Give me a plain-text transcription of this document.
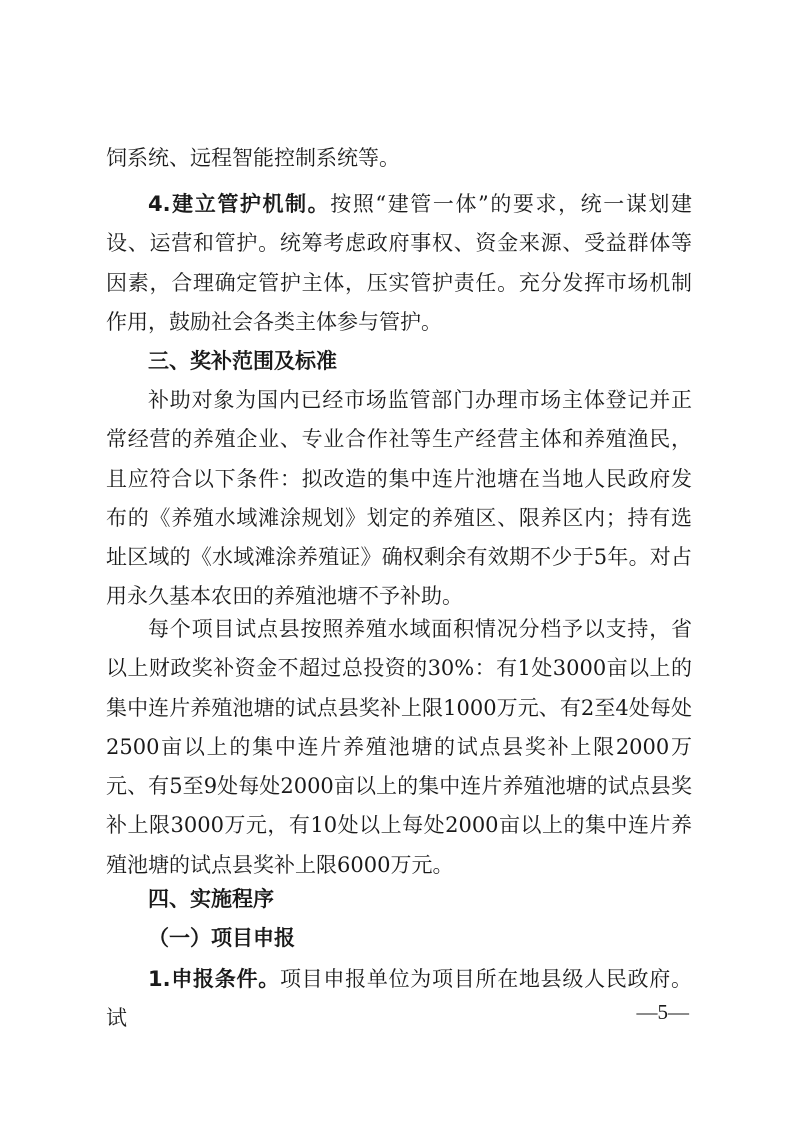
饲系统、远程智能控制系统等。

4.建立管护机制。按照“建管一体”的要求，统一谋划建设、运营和管护。统筹考虑政府事权、资金来源、受益群体等因素，合理确定管护主体，压实管护责任。充分发挥市场机制作用，鼓励社会各类主体参与管护。

三、奖补范围及标准

补助对象为国内已经市场监管部门办理市场主体登记并正常经营的养殖企业、专业合作社等生产经营主体和养殖渔民，且应符合以下条件：拟改造的集中连片池塘在当地人民政府发布的《养殖水域滩涂规划》划定的养殖区、限养区内；持有选址区域的《水域滩涂养殖证》确权剩余有效期不少于5年。对占用永久基本农田的养殖池塘不予补助。

每个项目试点县按照养殖水域面积情况分档予以支持，省以上财政奖补资金不超过总投资的30%：有1处3000亩以上的集中连片养殖池塘的试点县奖补上限1000万元、有2至4处每处2500亩以上的集中连片养殖池塘的试点县奖补上限2000万元、有5至9处每处2000亩以上的集中连片养殖池塘的试点县奖补上限3000万元，有10处以上每处2000亩以上的集中连片养殖池塘的试点县奖补上限6000万元。

四、实施程序

（一）项目申报

1.申报条件。项目申报单位为项目所在地县级人民政府。试	—5—
